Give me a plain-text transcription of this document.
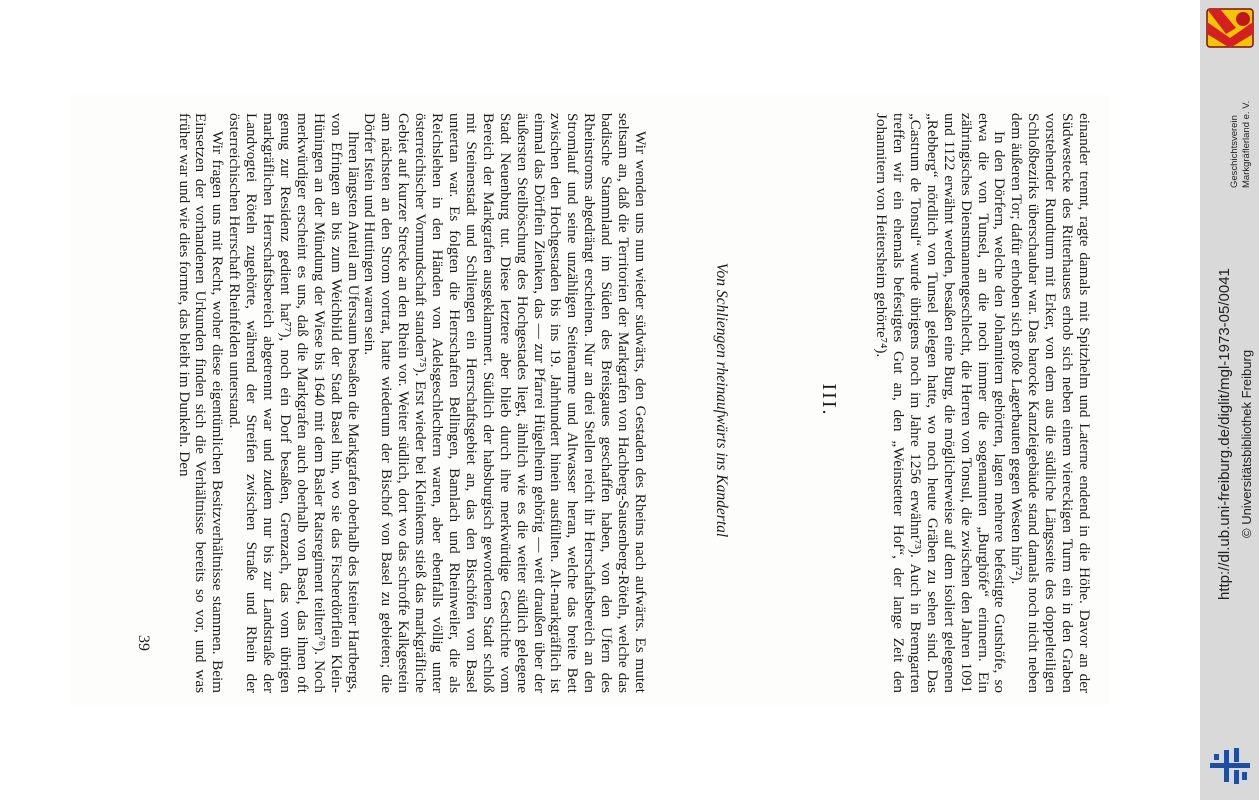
einander trennt, ragte damals mit Spitzhelm und Laterne endend in die Höhe. Davor an der Südwestecke des Ritterhauses erhob sich neben einem viereckigen Turm ein in den Graben vorstehender Rundturm mit Erker, von dem aus die südliche Längsseite des doppelteiligen Schloßbezirks überschaubar war. Das barocke Kanzleigebäude stand damals noch nicht neben dem äußeren Tor; dafür erhoben sich große Lagerbauten gegen Westen hin⁷²).

In den Dörfern, welche den Johannitern gehörten, lagen mehrere befestigte Gutshöfe, so etwa die von Tunsel, an die noch immer die sogenannten „Burghöfe“ erinnern. Ein zähringisches Dienstmannengeschlecht, die Herren von Tonsul, die zwischen den Jahren 1091 und 1122 erwähnt werden, besaßen eine Burg, die möglicherweise auf dem isoliert gelegenen „Rebberg“ nördlich von Tunsel gelegen hatte, wo noch heute Gräben zu sehen sind. Das „Castrum de Tonsul“ wurde übrigens noch im Jahre 1256 erwähnt⁷³). Auch in Bremgarten treffen wir ein ehemals befestigtes Gut an, den „Weinstetter Hof“, der lange Zeit den Johannitern von Heitersheim gehörte⁷⁴).

III.
Von Schliengen rheinaufwärts ins Kandertal

Wir wenden uns nun wieder südwärts, den Gestaden des Rheins nach aufwärts. Es mutet seltsam an, daß die Territorien der Markgrafen von Hachberg-Sausenberg-Röteln, welche das badische Stammland im Süden des Breisgaues geschaffen haben, von den Ufern des Rheinstroms abgedrängt erscheinen. Nur an drei Stellen reicht ihr Herrschaftsbereich an den Stromlauf und seine unzähligen Seitenarme und Altwasser heran, welche das breite Bett zwischen den Hochgestaden bis ins 19. Jahrhundert hinein ausfüllten. Alt-markgräflich ist einmal das Dörflein Zienken, das — zur Pfarrei Hügelheim gehörig — weit draußen über der äußersten Steilböschung des Hochgestades liegt, ähnlich wie es die weiter südlich gelegene Stadt Neuenburg tut. Diese letztere aber blieb durch ihre merkwürdige Geschichte vom Bereich der Markgrafen ausgeklammert. Südlich der habsburgisch gewordenen Stadt schloß mit Steinenstadt und Schliengen ein Herrschaftsgebiet an, das den Bischöfen von Basel untertan war. Es folgten die Herrschaften Bellingen, Bamlach und Rheinweiler, die als Reichslehen in den Händen von Adelsgeschlechtern waren, aber ebenfalls völlig unter österreichischer Vormundschaft standen⁷⁵). Erst wieder bei Kleinkems stieß das markgräfliche Gebiet auf kurzer Strecke an den Rhein vor. Weiter südlich, dort wo das schroffe Kalkgestein am nächsten an den Strom vortrat, hatte wiederum der Bischof von Basel zu gebieten; die Dörfer Istein und Huttingen waren sein.

Ihren längsten Anteil am Ufersaum besaßen die Markgrafen oberhalb des Isteiner Hartbergs, von Efringen an bis zum Weichbild der Stadt Basel hin, wo sie das Fischerdörflein Klein-Hüningen an der Mündung der Wiese bis 1640 mit dem Basler Ratsregiment teilten⁷⁶). Noch merkwürdiger erscheint es uns, daß die Markgrafen auch oberhalb von Basel, das ihnen oft genug zur Residenz gedient hat⁷⁷), noch ein Dorf besaßen, Grenzach, das vom übrigen markgräflichen Herrschaftsbereich abgetrennt war und zudem nur bis zur Landstraße der Landvogtei Röteln zugehörte, während der Streifen zwischen Straße und Rhein der österreichischen Herrschaft Rheinfelden unterstand.

Wir fragen uns mit Recht, woher diese eigentümlichen Besitzverhältnisse stammen. Beim Einsetzen der vorhandenen Urkunden finden sich die Verhältnisse bereits so vor, und was früher war und wie dies formte, das bleibt im Dunkeln. Den

39
http://dl.ub.uni-freiburg.de/diglit/mgl-1973-05/0041 © Universitätsbibliothek Freiburg
Geschichtsverein Markgräflerland e. V.
